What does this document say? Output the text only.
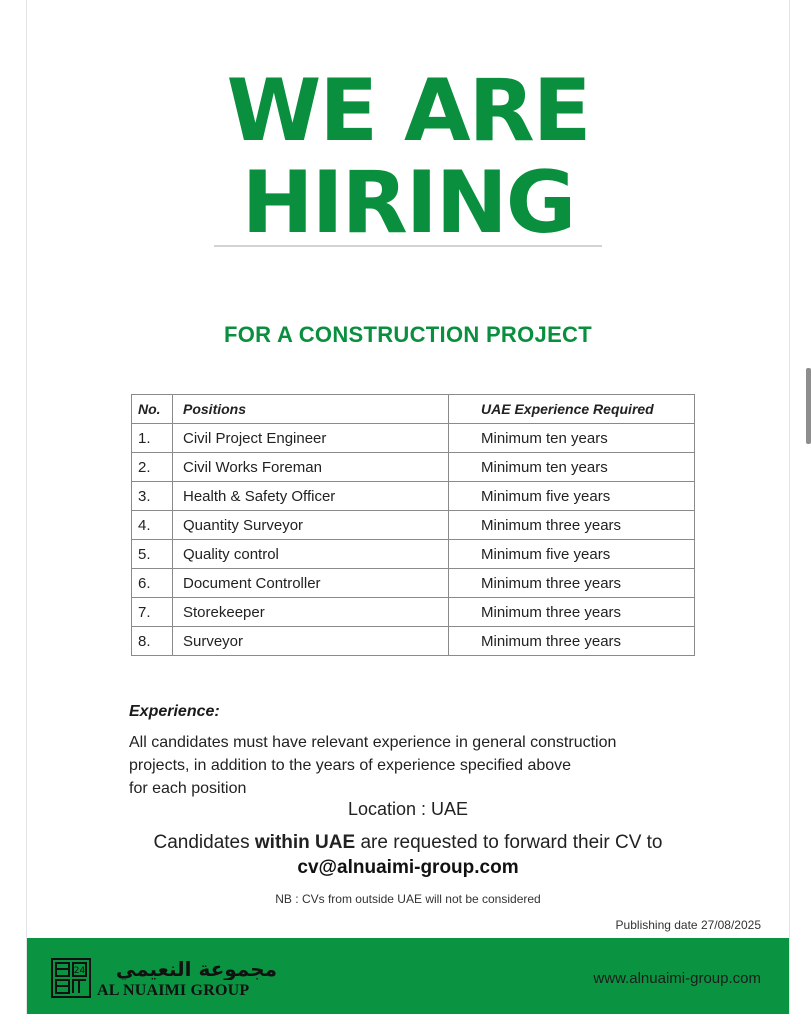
WE ARE
HIRING
FOR A CONSTRUCTION PROJECT
No.	Positions	UAE Experience Required
1.	Civil Project Engineer	Minimum ten years
2.	Civil Works Foreman	Minimum ten years
3.	Health & Safety Officer	Minimum five years
4.	Quantity Surveyor	Minimum three years
5.	Quality control	Minimum five years
6.	Document Controller	Minimum three years
7.	Storekeeper	Minimum three years
8.	Surveyor	Minimum three years
Experience:
All candidates must have relevant experience in general construction
projects, in addition to the years of experience specified above
for each position
Location : UAE
Candidates within UAE are requested to forward their CV to
cv@alnuaimi-group.com
NB : CVs from outside UAE will not be considered
Publishing date 27/08/2025
24 مجموعة النعيمي
AL NUAIMI GROUP
www.alnuaimi-group.com
